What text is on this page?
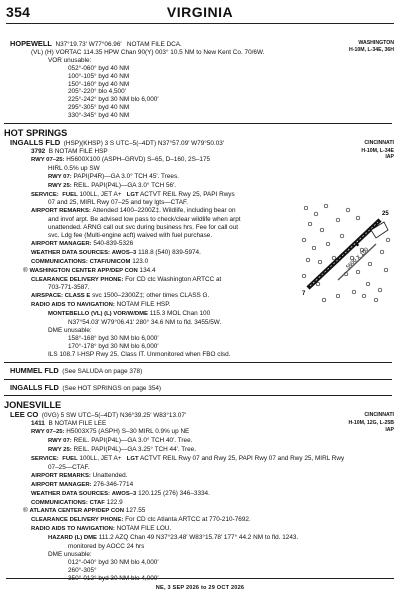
354	VIRGINIA
WASHINGTON
H-10M, L-34E, 36H
HOPEWELL N37°19.73′ W77°06.96′ NOTAM FILE DCA.
(VL) (H) VORTAC 114.35 HPW Chan 90(Y) 003° 10.5 NM to New Kent Co. 70/6W.
VOR unusable:
052°-060° byd 40 NM
100°-105° byd 40 NM
150°-160° byd 40 NM
205°-220° blo 4,500′
225°-242° byd 30 NM blo 6,000′
295°-305° byd 40 NM
330°-345° byd 40 NM
HOT SPRINGS
CINCINNATI
H-10M, L-34E
IAP
INGALLS FLD (HSP)(KHSP) 3 S UTC–5(–4DT) N37°57.09′ W79°50.03′
3792 B NOTAM FILE HSP
RWY 07–25: H5600X100 (ASPH–GRVD) S–65, D–160, 2S–175
HIRL 0.5% up SW
RWY 07: PAPI(P4R)—GA 3.0° TCH 45′. Trees.
RWY 25: REIL. PAPI(P4L)—GA 3.0° TCH 56′.
SERVICE: FUEL 100LL, JET A+ LGT ACTVT REIL Rwy 25, PAPI Rwys
07 and 25, MIRL Rwy 07–25 and twy lgts—CTAF.
AIRPORT REMARKS: Attended 1400–2200Z‡. Wildlife, including bear on
and invof arpt. Be advised low pass to check/clear wildlife when arpt
unattended. ARNG call out svc during business hrs. Fee for call out
svc. Ldg fee (Multi-engine acft) waived with fuel purchase.
AIRPORT MANAGER: 540-839-5326
WEATHER DATA SOURCES: AWOS–3 118.8 (540) 839-5974.
COMMUNICATIONS: CTAF/UNICOM 123.0
® WASHINGTON CENTER APP/DEP CON 134.4
CLEARANCE DELIVERY PHONE: For CD ctc Washington ARTCC at
703-771-3587.
AIRSPACE: CLASS E svc 1500–2300Z‡; other times CLASS G.
RADIO AIDS TO NAVIGATION: NOTAM FILE HSP.
MONTEBELLO (VL) (L) VOR/W/DME 115.3 MOL Chan 100
N37°54.03′ W79°06.41′ 280° 34.6 NM to fld. 3455/5W.
DME unusable:
158°-168° byd 30 NM blo 6,000′
170°-178° byd 30 NM blo 6,000′
ILS 108.7 I-HSP Rwy 25. Class IT. Unmonitored when FBO clsd.
HUMMEL FLD (See SALUDA on page 378)
INGALLS FLD (See HOT SPRINGS on page 354)
JONESVILLE
CINCINNATI
H-10M, 12G, L-25B
IAP
LEE CO (0VG) 5 SW UTC–5(–4DT) N36°39.25′ W83°13.07′
1411 B NOTAM FILE LEE
RWY 07–25: H5003X75 (ASPH) S–30 MIRL 0.9% up NE
RWY 07: REIL. PAPI(P4L)—GA 3.0° TCH 40′. Tree.
RWY 25: REIL. PAPI(P4L)—GA 3.25° TCH 44′. Tree.
SERVICE: FUEL 100LL, JET A+ LGT ACTVT REIL Rwy 07 and Rwy 25, PAPI Rwy 07 and Rwy 25, MIRL Rwy
07–25—CTAF.
AIRPORT REMARKS: Unattended.
AIRPORT MANAGER: 276-346-7714
WEATHER DATA SOURCES: AWOS–3 120.125 (276) 346–3334.
COMMUNICATIONS: CTAF 122.9
® ATLANTA CENTER APP/DEP CON 127.55
CLEARANCE DELIVERY PHONE: For CD ctc Atlanta ARTCC at 770-210-7692.
RADIO AIDS TO NAVIGATION: NOTAM FILE LOU.
HAZARD (L) DME 111.2 AZQ Chan 49 N37°23.48′ W83°15.78′ 177° 44.2 NM to fld. 1243.
monitored by AOCC 24 hrs
DME unusable:
012°-040° byd 30 NM blo 4,000′
260°-305°
350°-012° byd 30 NM blo 4,000′
7
25
5600 X 100
◆
NE, 3 SEP 2026 to 29 OCT 2026
